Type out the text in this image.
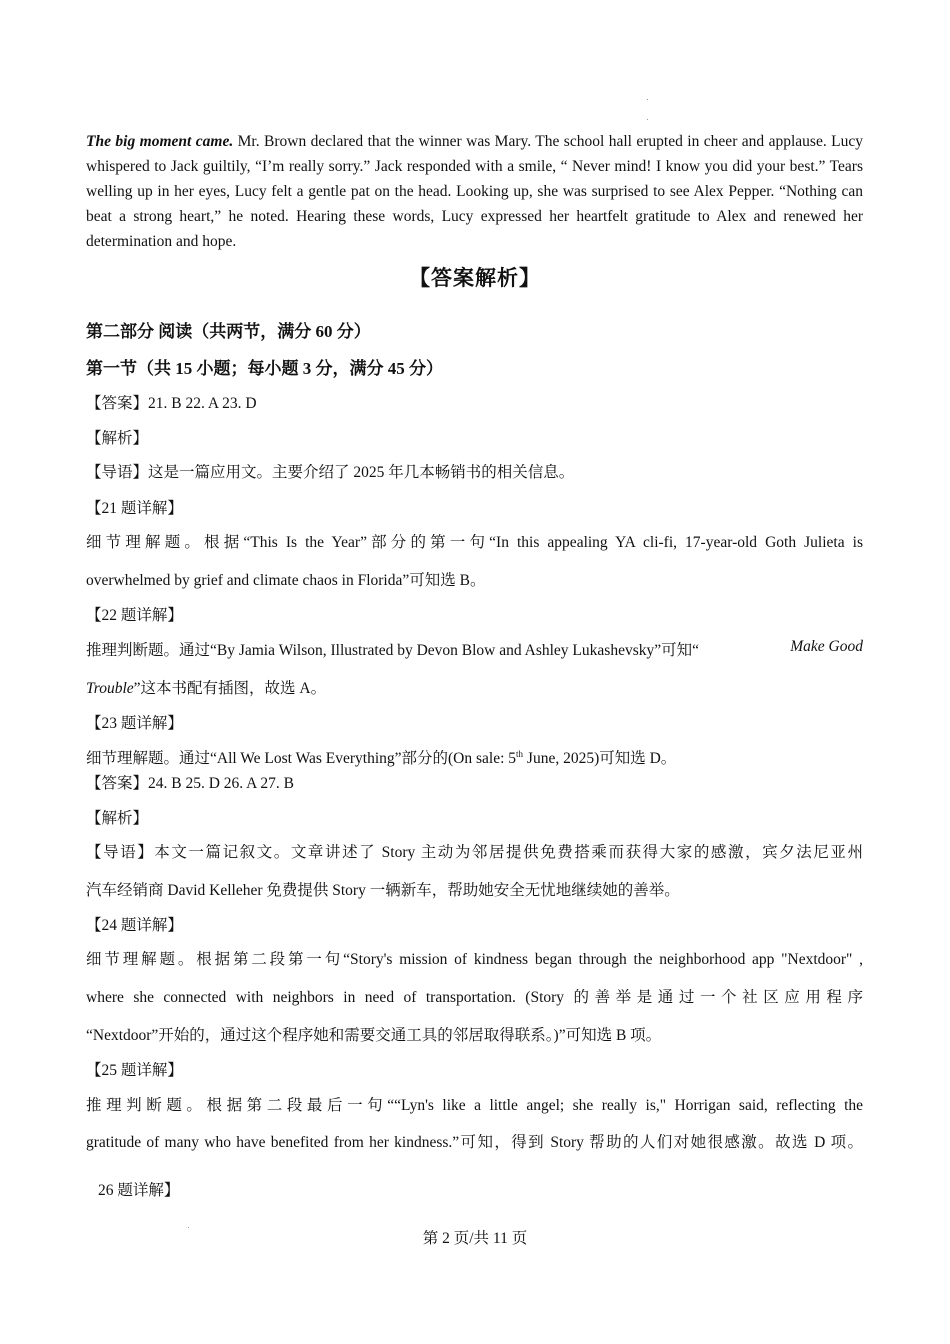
The big moment came. Mr. Brown declared that the winner was Mary. The school hall erupted in cheer and applause. Lucy whispered to Jack guiltily, “I’m really sorry.” Jack responded with a smile, “ Never mind! I know you did your best.” Tears welling up in her eyes, Lucy felt a gentle pat on the head. Looking up, she was surprised to see Alex Pepper. “Nothing can beat a strong heart,” he noted. Hearing these words, Lucy expressed her heartfelt gratitude to Alex and renewed her determination and hope.
【答案解析】
第二部分 阅读（共两节，满分 60 分）
第一节（共 15 小题；每小题 3 分，满分 45 分）
【答案】21. B 22. A 23. D
【解析】
【导语】这是一篇应用文。主要介绍了 2025 年几本畅销书的相关信息。
【21 题详解】
细节理解题。根据“This Is the Year”部分的第一句“In this appealing YA cli-fi, 17-year-old Goth Julieta is
overwhelmed by grief and climate chaos in Florida”可知选 B。
【22 题详解】
推理判断题。通过“By Jamia Wilson, Illustrated by Devon Blow and Ashley Lukashevsky”可知“	Make Good
Trouble”这本书配有插图，故选 A。
【23 题详解】
细节理解题。通过“All We Lost Was Everything”部分的(On sale: 5th June, 2025)可知选 D。
【答案】24. B 25. D 26. A 27. B
【解析】
【导语】本文一篇记叙文。文章讲述了 Story 主动为邻居提供免费搭乘而获得大家的感激，宾夕法尼亚州
汽车经销商 David Kelleher 免费提供 Story 一辆新车，帮助她安全无忧地继续她的善举。
【24 题详解】
细节理解题。根据第二段第一句“Story's mission of kindness began through the neighborhood app "Nextdoor" ,
where she connected with neighbors in need of transportation. (Story 的善举是通过一个社区应用程序
“Nextdoor”开始的，通过这个程序她和需要交通工具的邻居取得联系。)”可知选 B 项。
【25 题详解】
推理判断题。根据第二段最后一句““Lyn's like a little angel; she really is," Horrigan said, reflecting the
gratitude of many who have benefited from her kindness.”可知，得到 Story 帮助的人们对她很感激。故选 D 项。
26 题详解】
第 2 页/共 11 页
